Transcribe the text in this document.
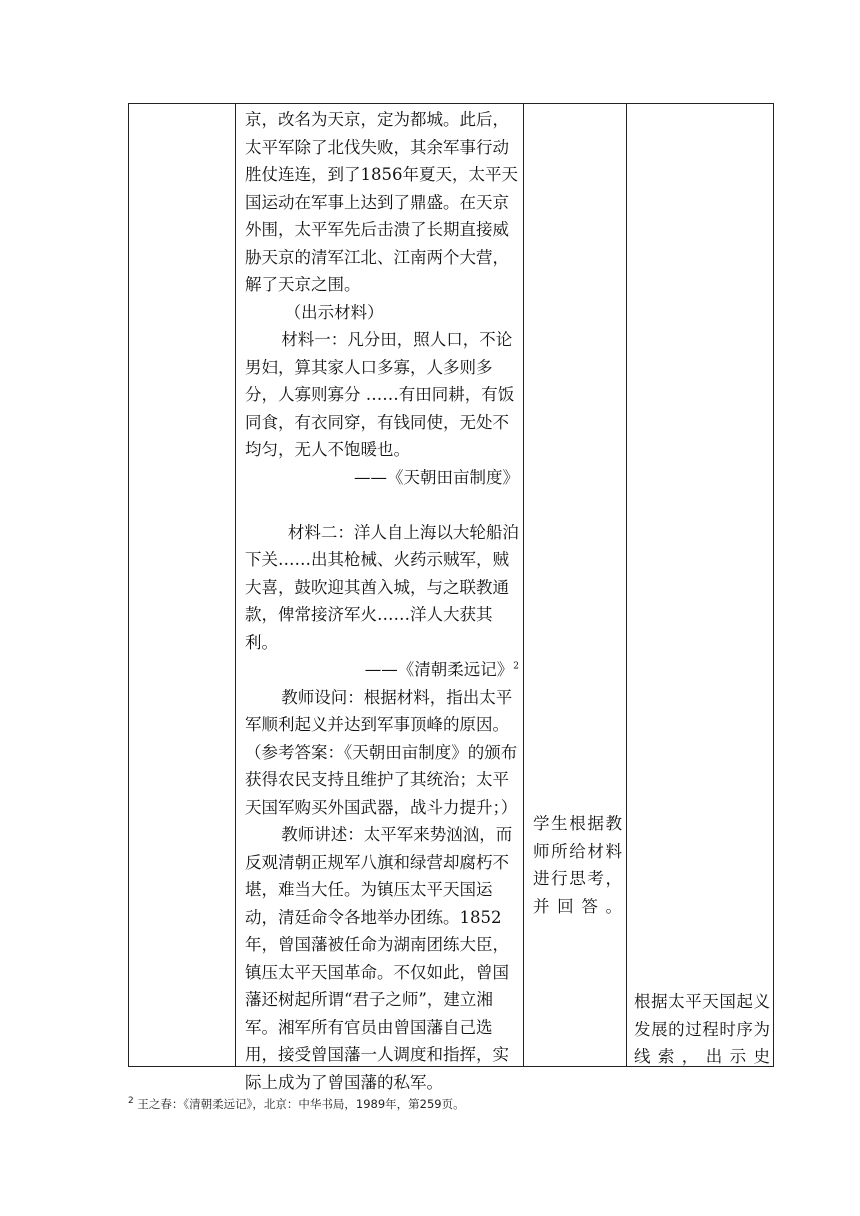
京，改名为天京，定为都城。此后，太平军除了北伐失败，其余军事行动胜仗连连，到了1856年夏天，太平天国运动在军事上达到了鼎盛。在天京外围，太平军先后击溃了长期直接威胁天京的清军江北、江南两个大营，解了天京之围。

（出示材料）

材料一：凡分田，照人口，不论男妇，算其家人口多寡，人多则多分，人寡则寡分 ……有田同耕，有饭同食，有衣同穿，有钱同使，无处不均匀，无人不饱暖也。

——《天朝田亩制度》

材料二：洋人自上海以大轮船泊下关……出其枪械、火药示贼军，贼大喜，鼓吹迎其酋入城，与之联教通款，俾常接济军火……洋人大获其利。

——《清朝柔远记》$^2$

教师设问：根据材料，指出太平军顺利起义并达到军事顶峰的原因。（参考答案：《天朝田亩制度》的颁布获得农民支持且维护了其统治；太平天国军购买外国武器，战斗力提升；）

教师讲述：太平军来势汹汹，而反观清朝正规军八旗和绿营却腐朽不堪，难当大任。为镇压太平天国运动，清廷命令各地举办团练。1852年，曾国藩被任命为湖南团练大臣，镇压太平天国革命。不仅如此，曾国藩还树起所谓“君子之师”，建立湘军。湘军所有官员由曾国藩自己选用，接受曾国藩一人调度和指挥，实际上成为了曾国藩的私军。

学生根据教师所给材料进行思考，并回答。

根据太平天国起义发展的过程时序为线索，出示史

$^2$ 王之春：《清朝柔远记》，北京：中华书局，1989年，第259页。
